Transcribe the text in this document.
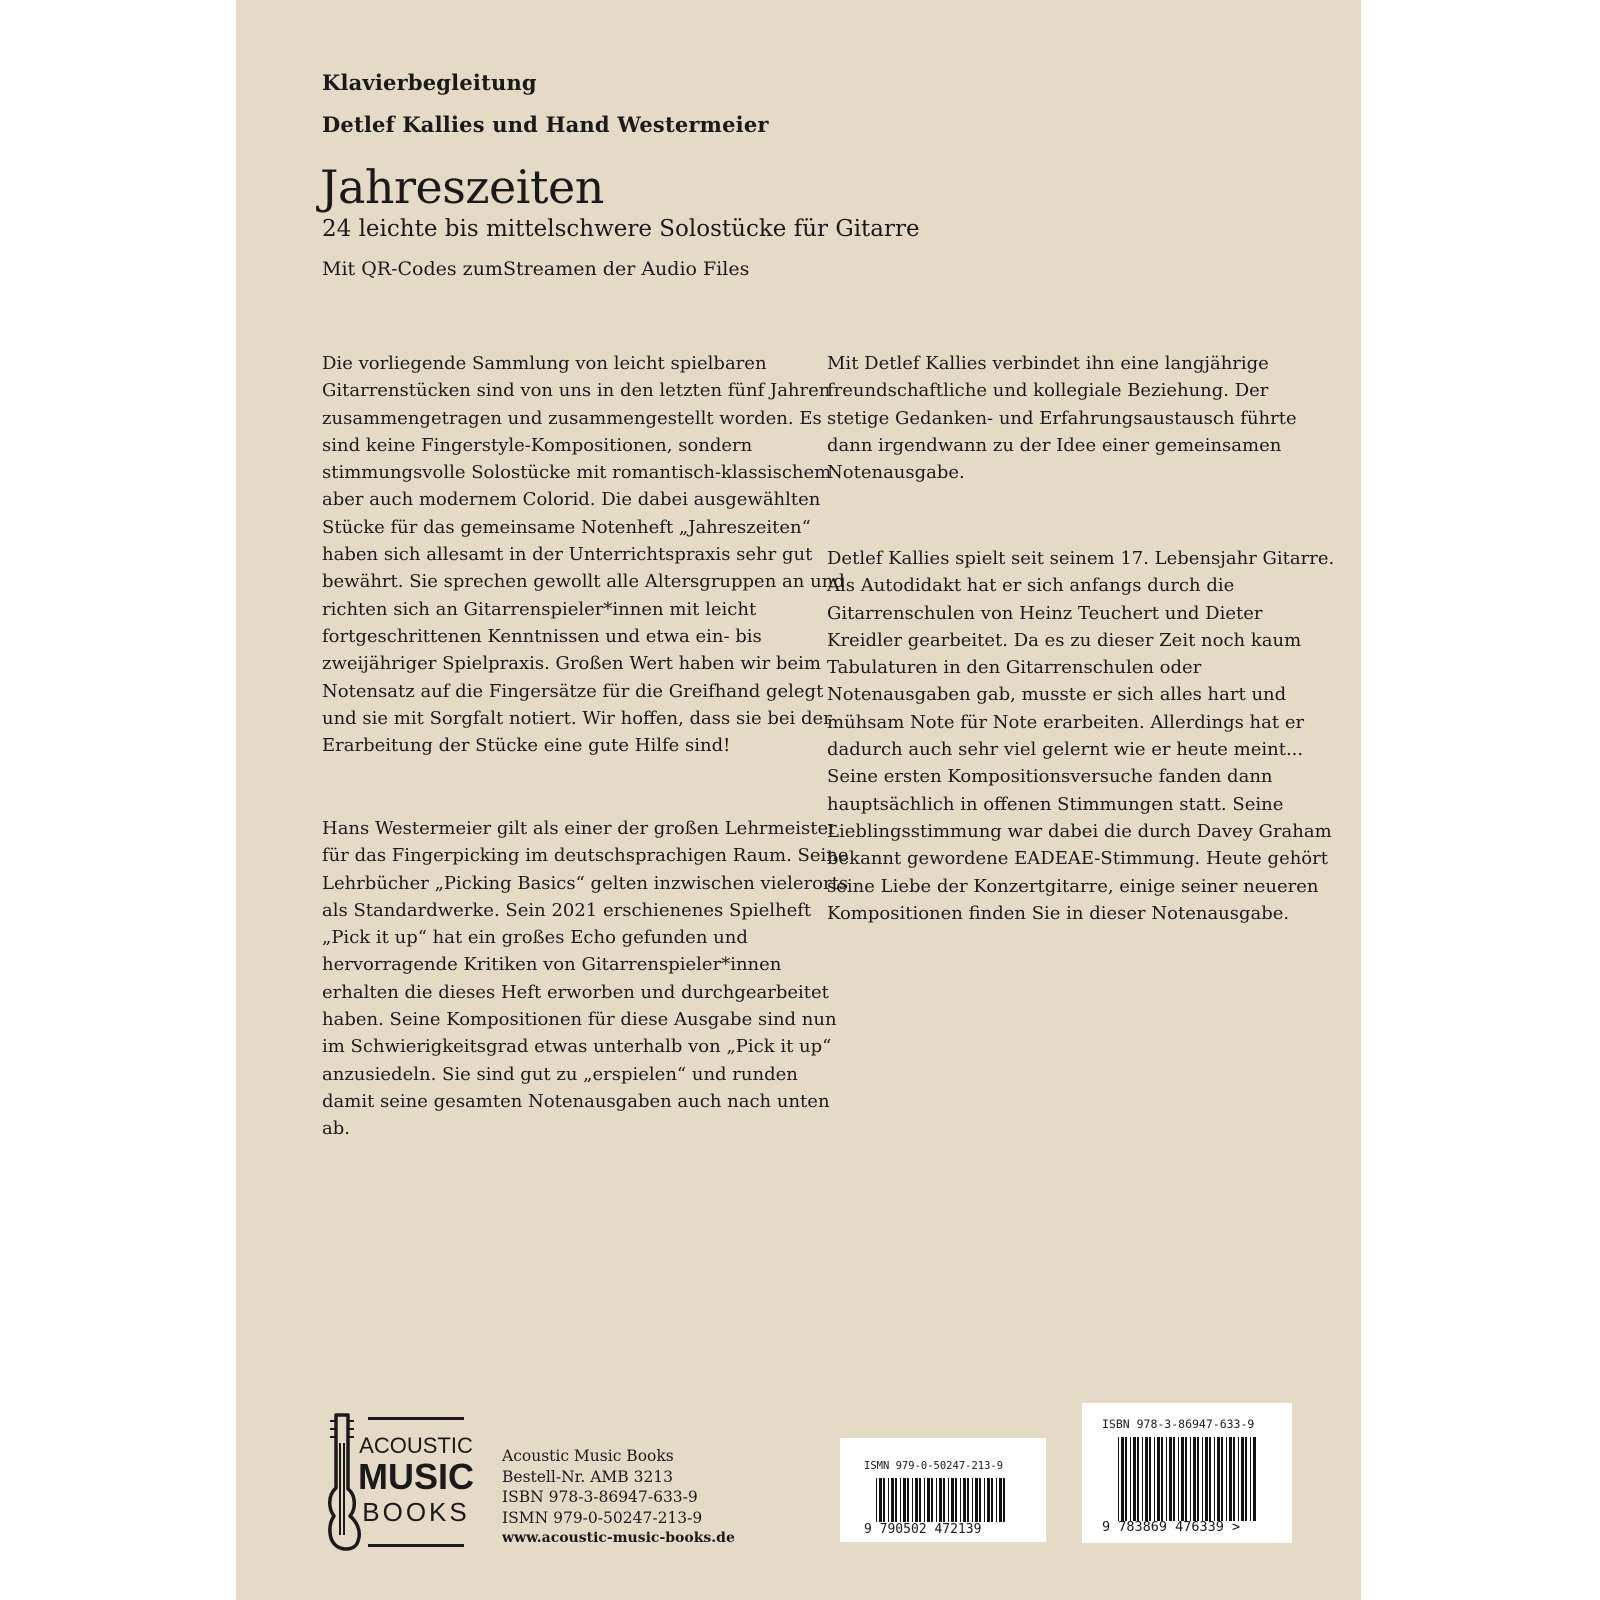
Klavierbegleitung

Detlef Kallies und Hand Westermeier

Jahreszeiten

24 leichte bis mittelschwere Solostücke für Gitarre

Mit QR-Codes zumStreamen der Audio Files

Die vorliegende Sammlung von leicht spielbaren
Gitarrenstücken sind von uns in den letzten fünf Jahren
zusammengetragen und zusammengestellt worden. Es
sind keine Fingerstyle-Kompositionen, sondern
stimmungsvolle Solostücke mit romantisch-klassischem
aber auch modernem Colorid. Die dabei ausgewählten
Stücke für das gemeinsame Notenheft „Jahreszeiten“
haben sich allesamt in der Unterrichtspraxis sehr gut
bewährt. Sie sprechen gewollt alle Altersgruppen an und
richten sich an Gitarrenspieler*innen mit leicht
fortgeschrittenen Kenntnissen und etwa ein- bis
zweijähriger Spielpraxis. Großen Wert haben wir beim
Notensatz auf die Fingersätze für die Greifhand gelegt
und sie mit Sorgfalt notiert. Wir hoffen, dass sie bei der
Erarbeitung der Stücke eine gute Hilfe sind!
Hans Westermeier gilt als einer der großen Lehrmeister
für das Fingerpicking im deutschsprachigen Raum. Seine
Lehrbücher „Picking Basics“ gelten inzwischen vielerorts
als Standardwerke. Sein 2021 erschienenes Spielheft
„Pick it up“ hat ein großes Echo gefunden und
hervorragende Kritiken von Gitarrenspieler*innen
erhalten die dieses Heft erworben und durchgearbeitet
haben. Seine Kompositionen für diese Ausgabe sind nun
im Schwierigkeitsgrad etwas unterhalb von „Pick it up“
anzusiedeln. Sie sind gut zu „erspielen“ und runden
damit seine gesamten Notenausgaben auch nach unten
ab.
Mit Detlef Kallies verbindet ihn eine langjährige
freundschaftliche und kollegiale Beziehung. Der
stetige Gedanken- und Erfahrungsaustausch führte
dann irgendwann zu der Idee einer gemeinsamen
Notenausgabe.
Detlef Kallies spielt seit seinem 17. Lebensjahr Gitarre.
Als Autodidakt hat er sich anfangs durch die
Gitarrenschulen von Heinz Teuchert und Dieter
Kreidler gearbeitet. Da es zu dieser Zeit noch kaum
Tabulaturen in den Gitarrenschulen oder
Notenausgaben gab, musste er sich alles hart und
mühsam Note für Note erarbeiten. Allerdings hat er
dadurch auch sehr viel gelernt wie er heute meint...
Seine ersten Kompositionsversuche fanden dann
hauptsächlich in offenen Stimmungen statt. Seine
Lieblingsstimmung war dabei die durch Davey Graham
bekannt gewordene EADEAE-Stimmung. Heute gehört
seine Liebe der Konzertgitarre, einige seiner neueren
Kompositionen finden Sie in dieser Notenausgabe.
ACOUSTIC
MUSIC
BOOKS
Acoustic Music Books
Bestell-Nr. AMB 3213
ISBN 978-3-86947-633-9
ISMN 979-0-50247-213-9
www.acoustic-music-books.de
ISMN 979-0-50247-213-9
9 790502 472139
ISBN 978-3-86947-633-9
9 783869 476339 >
